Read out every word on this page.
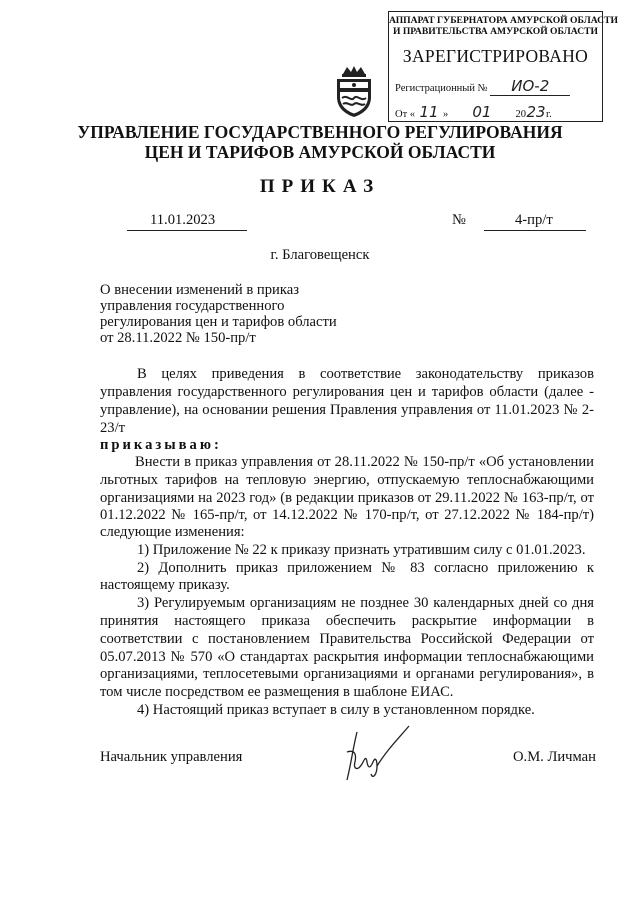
АППАРАТ ГУБЕРНАТОРА АМУРСКОЙ ОБЛАСТИ
И ПРАВИТЕЛЬСТВА АМУРСКОЙ ОБЛАСТИ
ЗАРЕГИСТРИРОВАНО
Регистрационный № ИО-2
От « 11 » 01 2023г.
УПРАВЛЕНИЕ ГОСУДАРСТВЕННОГО РЕГУЛИРОВАНИЯ
ЦЕН И ТАРИФОВ АМУРСКОЙ ОБЛАСТИ
ПРИКАЗ
11.01.2023	№	4-пр/т
г. Благовещенск
О внесении изменений в приказ
управления государственного
регулирования цен и тарифов области
от 28.11.2022 № 150-пр/т
В целях приведения в соответствие законодательству приказов
управления государственного регулирования цен и тарифов области (далее -
управление), на основании решения Правления управления от 11.01.2023 № 2-
23/т
приказываю:
Внести в приказ управления от 28.11.2022 № 150-пр/т «Об установлении
льготных тарифов на тепловую энергию, отпускаемую теплоснабжающими
организациями на 2023 год» (в редакции приказов от 29.11.2022 № 163-пр/т, от
01.12.2022 № 165-пр/т, от 14.12.2022 № 170-пр/т, от 27.12.2022 № 184-пр/т)
следующие изменения:
1) Приложение № 22 к приказу признать утратившим силу с 01.01.2023.
2) Дополнить приказ приложением № 83 согласно приложению к
настоящему приказу.
3) Регулируемым организациям не позднее 30 календарных дней со дня
принятия настоящего приказа обеспечить раскрытие информации в
соответствии с постановлением Правительства Российской Федерации от
05.07.2013 № 570 «О стандартах раскрытия информации теплоснабжающими
организациями, теплосетевыми организациями и органами регулирования», в
том числе посредством ее размещения в шаблоне ЕИАС.
4) Настоящий приказ вступает в силу в установленном порядке.
Начальник управления	О.М. Личман
